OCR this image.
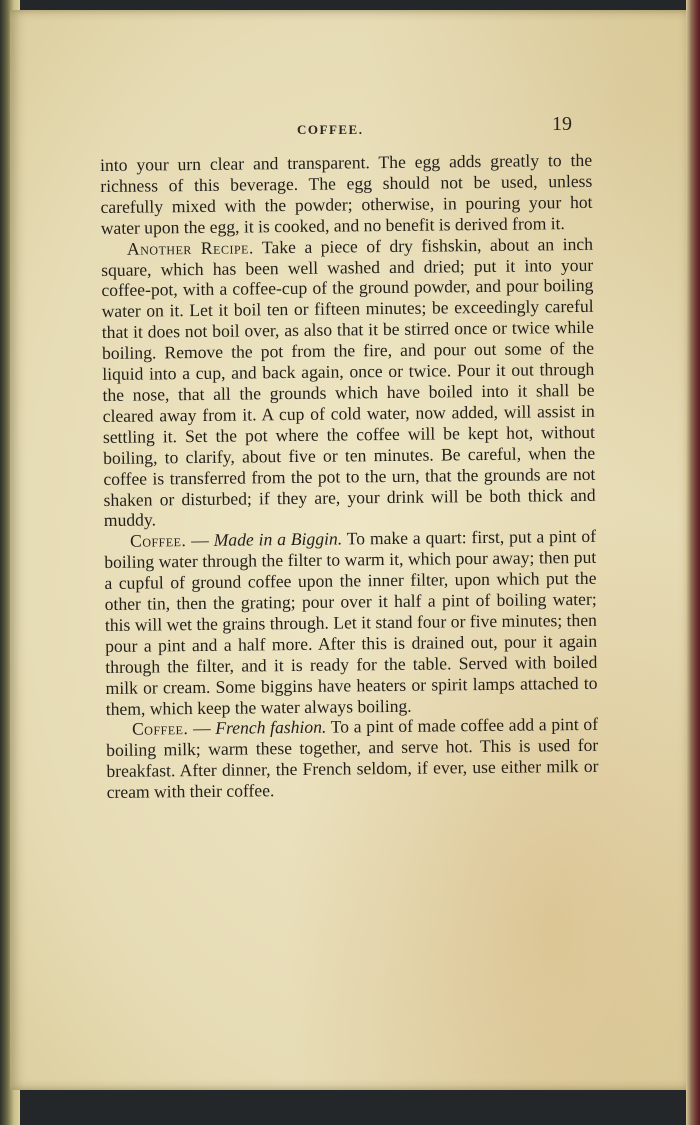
COFFEE.	19

into your urn clear and transparent. The egg adds greatly to the richness of this beverage. The egg should not be used, unless carefully mixed with the powder; otherwise, in pouring your hot water upon the egg, it is cooked, and no benefit is derived from it.

Another Recipe. Take a piece of dry fishskin, about an inch square, which has been well washed and dried; put it into your coffee-pot, with a coffee-cup of the ground powder, and pour boiling water on it. Let it boil ten or fifteen minutes; be exceedingly careful that it does not boil over, as also that it be stirred once or twice while boiling. Remove the pot from the fire, and pour out some of the liquid into a cup, and back again, once or twice. Pour it out through the nose, that all the grounds which have boiled into it shall be cleared away from it. A cup of cold water, now added, will assist in settling it. Set the pot where the coffee will be kept hot, without boiling, to clarify, about five or ten minutes. Be careful, when the coffee is transferred from the pot to the urn, that the grounds are not shaken or disturbed; if they are, your drink will be both thick and muddy.

Coffee. — Made in a Biggin. To make a quart: first, put a pint of boiling water through the filter to warm it, which pour away; then put a cupful of ground coffee upon the inner filter, upon which put the other tin, then the grating; pour over it half a pint of boiling water; this will wet the grains through. Let it stand four or five minutes; then pour a pint and a half more. After this is drained out, pour it again through the filter, and it is ready for the table. Served with boiled milk or cream. Some biggins have heaters or spirit lamps attached to them, which keep the water always boiling.

Coffee. — French fashion. To a pint of made coffee add a pint of boiling milk; warm these together, and serve hot. This is used for breakfast. After dinner, the French seldom, if ever, use either milk or cream with their coffee.
